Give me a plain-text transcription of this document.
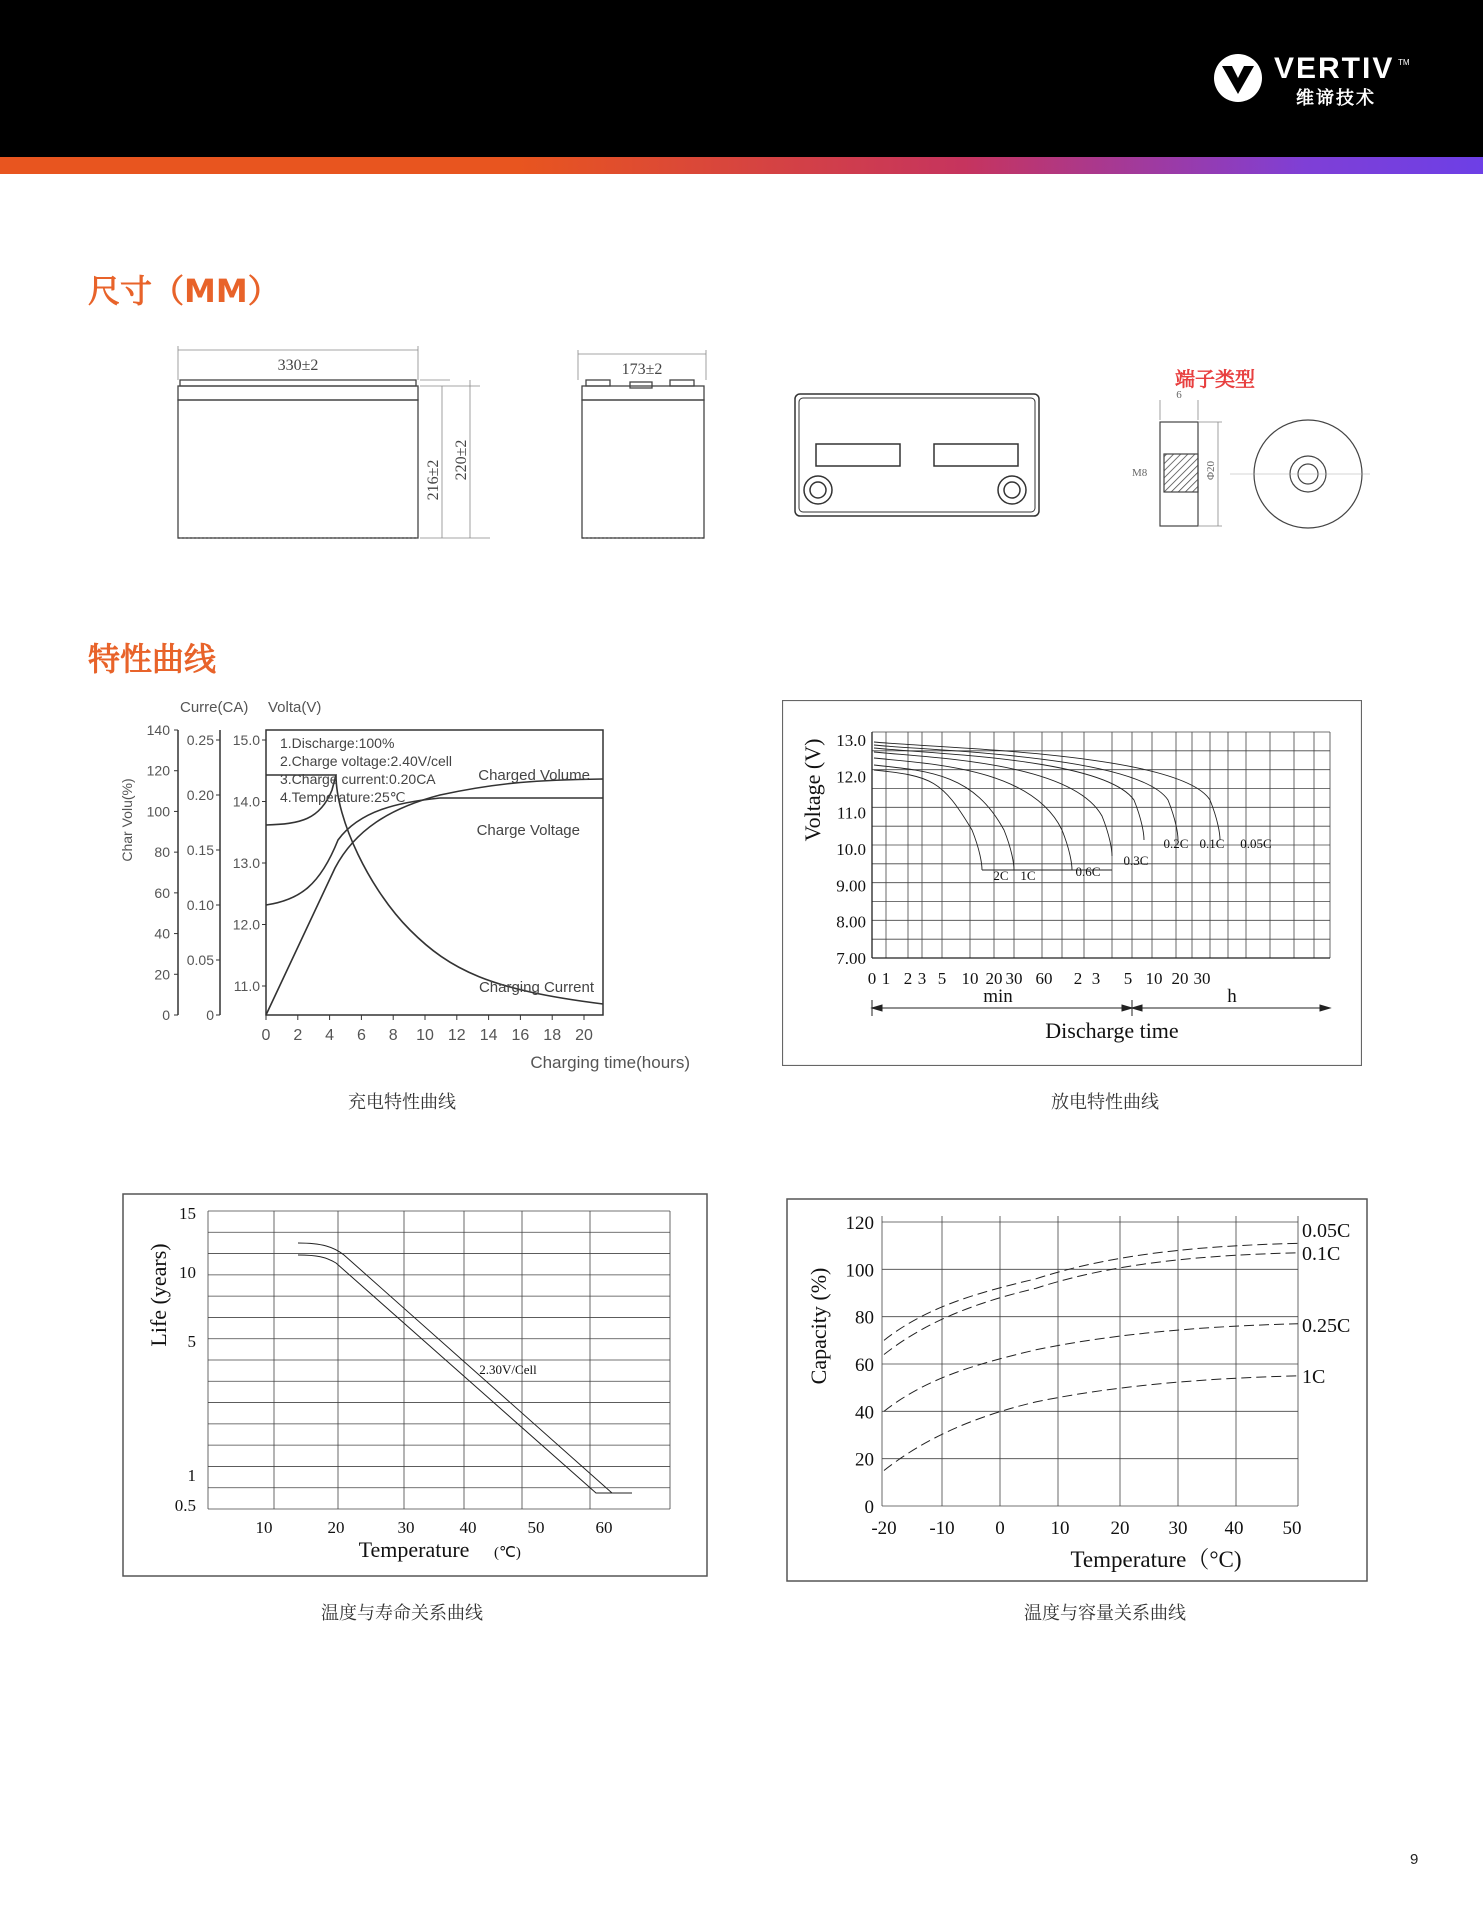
VERTIV TM
维谛技术
尺寸（MM）
330±2
216±2 220±2
173±2	端子类型
6
M8	Φ20
特性曲线
Curre(CA) Volta(V)
Char Volu(%)
140
120
100
80
60
40
20
0
0.25
0.20
0.15
0.10
0.05
0
15.0
14.0
13.0
12.0
11.0
0 2 4 6 8 10 12 14 16 18 20
1.Discharge:100%
2.Charge voltage:2.40V/cell
3.Charge current:0.20CA
4.Temperature:25℃
Charged Volume
Charge Voltage
Charging Current
Charging time(hours)
充电特性曲线
13.0
12.0
11.0
10.0
9.00
8.00
7.00
0 1 2 3 5 10 20 30 60 2 3 5 10 20 30
2C 1C	0.6C
0.3C
0.2C 0.1C 0.05C
Voltage (V)
min	h
Discharge time
放电特性曲线
15
10
5
1
0.5
10	20	30	40	50	60
Life (years)
Temperature (℃)
2.30V/Cell
温度与寿命关系曲线
120
100
80
60
40
20
0
-20 -10 0 10 20 30 40 50
Capacity (%)
Temperature（°C)
0.05C
0.1C
0.25C
1C
温度与容量关系曲线
9
